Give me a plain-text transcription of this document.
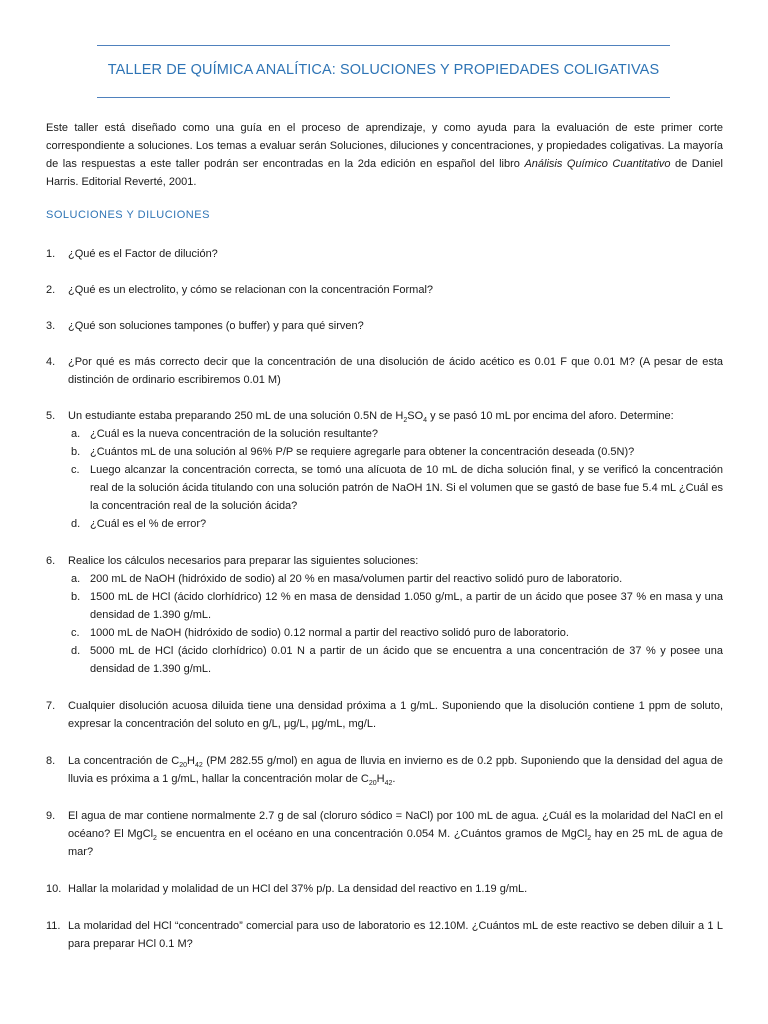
TALLER DE QUÍMICA ANALÍTICA: SOLUCIONES Y PROPIEDADES COLIGATIVAS
Este taller está diseñado como una guía en el proceso de aprendizaje, y como ayuda para la evaluación de este primer corte correspondiente a soluciones. Los temas a evaluar serán Soluciones, diluciones y concentraciones, y propiedades coligativas. La mayoría de las respuestas a este taller podrán ser encontradas en la 2da edición en español del libro Análisis Químico Cuantitativo de Daniel Harris. Editorial Reverté, 2001.
SOLUCIONES Y DILUCIONES
1.	¿Qué es el Factor de dilución?
2.	¿Qué es un electrolito, y cómo se relacionan con la concentración Formal?
3.	¿Qué son soluciones tampones (o buffer) y para qué sirven?
4.	¿Por qué es más correcto decir que la concentración de una disolución de ácido acético es 0.01 F que 0.01 M? (A pesar de esta distinción de ordinario escribiremos 0.01 M)
5.	Un estudiante estaba preparando 250 mL de una solución 0.5N de $H_2SO_4$ y se pasó 10 mL por encima del aforo. Determine:
a. ¿Cuál es la nueva concentración de la solución resultante?
b. ¿Cuántos mL de una solución al 96% P/P se requiere agregarle para obtener la concentración deseada (0.5N)?
c. Luego alcanzar la concentración correcta, se tomó una alícuota de 10 mL de dicha solución final, y se verificó la concentración real de la solución ácida titulando con una solución patrón de NaOH 1N. Si el volumen que se gastó de base fue 5.4 mL ¿Cuál es la concentración real de la solución ácida?
d. ¿Cuál es el % de error?
6.	Realice los cálculos necesarios para preparar las siguientes soluciones:
a. 200 mL de NaOH (hidróxido de sodio) al 20 % en masa/volumen partir del reactivo solidó puro de laboratorio.
b. 1500 mL de HCl (ácido clorhídrico) 12 % en masa de densidad 1.050 g/mL, a partir de un ácido que posee 37 % en masa y una densidad de 1.390 g/mL.
c. 1000 mL de NaOH (hidróxido de sodio) 0.12 normal a partir del reactivo solidó puro de laboratorio.
d. 5000 mL de HCl (ácido clorhídrico) 0.01 N a partir de un ácido que se encuentra a una concentración de 37 % y posee una densidad de 1.390 g/mL.
7.	Cualquier disolución acuosa diluida tiene una densidad próxima a 1 g/mL. Suponiendo que la disolución contiene 1 ppm de soluto, expresar la concentración del soluto en g/L, μg/L, μg/mL, mg/L.
8.	La concentración de $C_{20}H_{42}$ (PM 282.55 g/mol) en agua de lluvia en invierno es de 0.2 ppb. Suponiendo que la densidad del agua de lluvia es próxima a 1 g/mL, hallar la concentración molar de $C_{20}H_{42}$.
9.	El agua de mar contiene normalmente 2.7 g de sal (cloruro sódico = NaCl) por 100 mL de agua. ¿Cuál es la molaridad del NaCl en el océano? El MgCl$_2$ se encuentra en el océano en una concentración 0.054 M. ¿Cuántos gramos de MgCl$_2$ hay en 25 mL de agua de mar?
10. Hallar la molaridad y molalidad de un HCl del 37% p/p. La densidad del reactivo en 1.19 g/mL.
11. La molaridad del HCl “concentrado” comercial para uso de laboratorio es 12.10M. ¿Cuántos mL de este reactivo se deben diluir a 1 L para preparar HCl 0.1 M?
